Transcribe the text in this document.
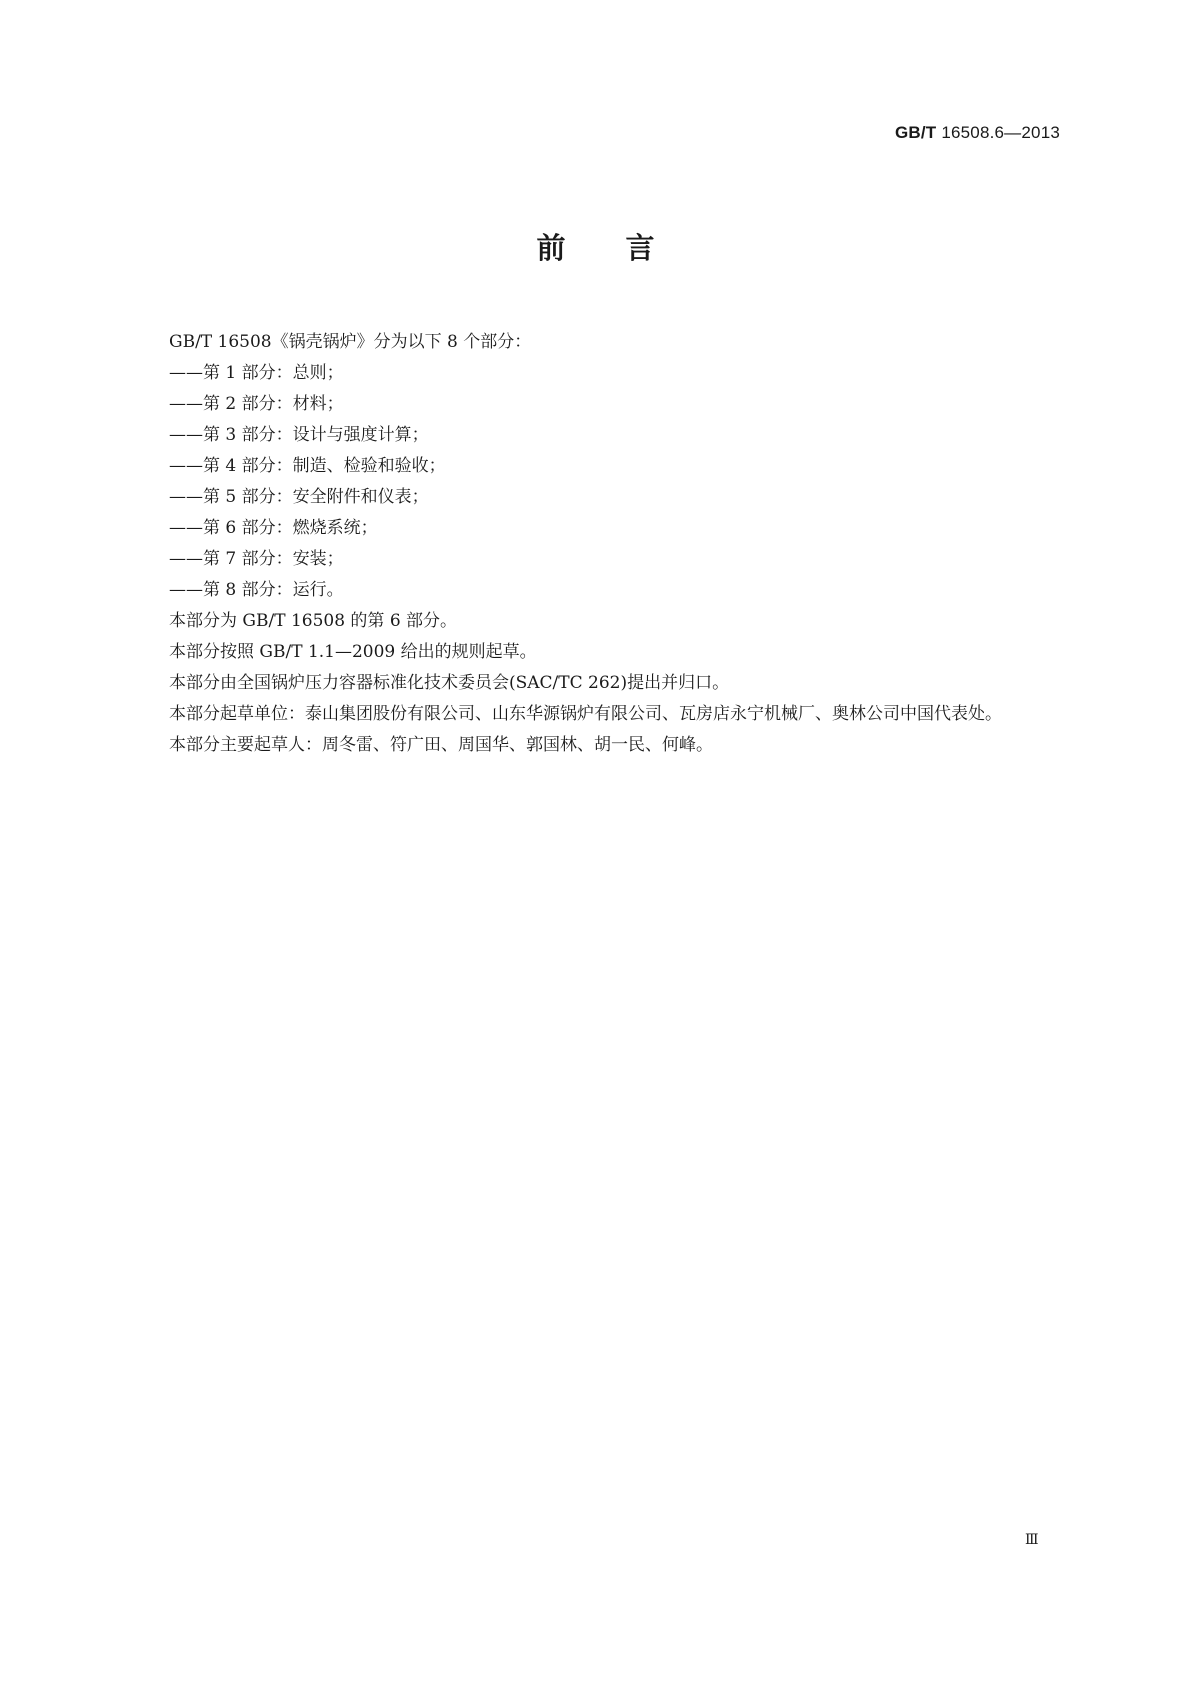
GB/T 16508.6—2013
前言

GB/T 16508《锅壳锅炉》分为以下 8 个部分：

——第 1 部分：总则；

——第 2 部分：材料；

——第 3 部分：设计与强度计算；

——第 4 部分：制造、检验和验收；

——第 5 部分：安全附件和仪表；

——第 6 部分：燃烧系统；

——第 7 部分：安装；

——第 8 部分：运行。

本部分为 GB/T 16508 的第 6 部分。

本部分按照 GB/T 1.1—2009 给出的规则起草。

本部分由全国锅炉压力容器标准化技术委员会(SAC/TC 262)提出并归口。

本部分起草单位：泰山集团股份有限公司、山东华源锅炉有限公司、瓦房店永宁机械厂、奥林公司中国代表处。

本部分主要起草人：周冬雷、符广田、周国华、郭国林、胡一民、何峰。

Ⅲ
